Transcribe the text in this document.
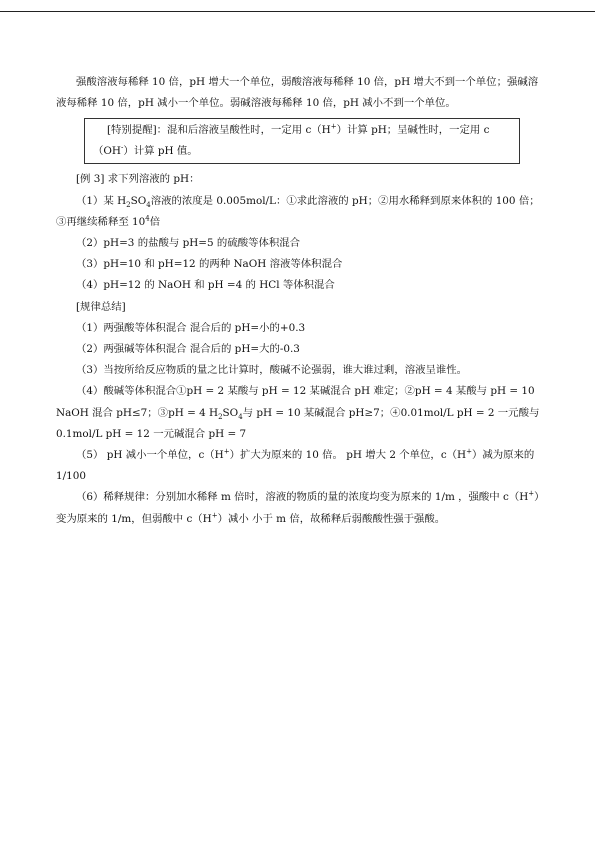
强酸溶液每稀释 10 倍，pH 增大一个单位，弱酸溶液每稀释 10 倍，pH 增大不到一个单位；强碱溶液每稀释 10 倍，pH 减小一个单位。弱碱溶液每稀释 10 倍，pH 减小不到一个单位。

[特别提醒]：混和后溶液呈酸性时，一定用 c（H+）计算 pH；呈碱性时，一定用 c（OH-）计算 pH 值。

[例 3] 求下列溶液的 pH：

（1）某 $H_2SO_4$溶液的浓度是 0.005mol/L：①求此溶液的 pH；②用水稀释到原来体积的 100 倍；③再继续稀释至 $10^4$倍

（2）pH=3 的盐酸与 pH=5 的硫酸等体积混合

（3）pH=10 和 pH=12 的两种 NaOH 溶液等体积混合

（4）pH=12 的 NaOH 和 pH =4 的 HCl 等体积混合

[规律总结]

（1）两强酸等体积混合 混合后的 pH=小的+0.3

（2）两强碱等体积混合 混合后的 pH=大的-0.3

（3）当按所给反应物质的量之比计算时，酸碱不论强弱，谁大谁过剩，溶液呈谁性。

（4）酸碱等体积混合①pH = 2 某酸与 pH = 12 某碱混合 pH 难定；②pH = 4 某酸与 pH = 10 NaOH 混合 pH≤7；③pH = 4 $H_2SO_4$与 pH = 10 某碱混合 pH≥7；④0.01mol/L pH = 2 一元酸与 0.1mol/L pH = 12 一元碱混合 pH = 7

（5） pH 减小一个单位，c（H+）扩大为原来的 10 倍。 pH 增大 2 个单位，c（H+）减为原来的 1/100

（6）稀释规律：分别加水稀释 m 倍时，溶液的物质的量的浓度均变为原来的 1/m ，强酸中 c（H+）变为原来的 1/m，但弱酸中 c（H+）减小 小于 m 倍，故稀释后弱酸酸性强于强酸。
